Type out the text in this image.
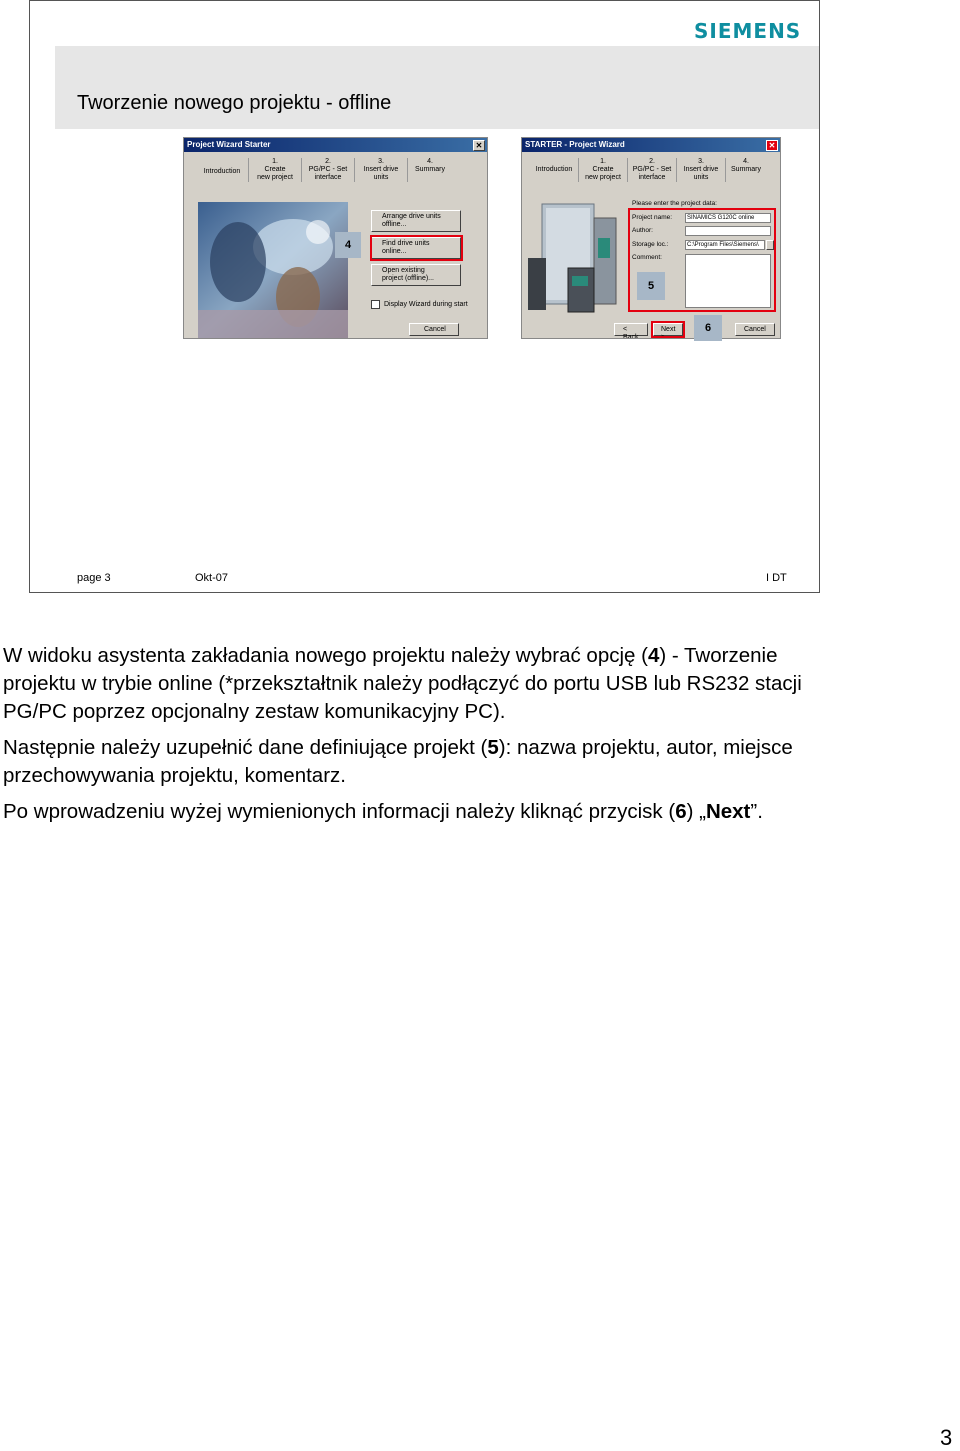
SIEMENS
Tworzenie nowego projektu - offline
Project Wizard Starter	✕
Introduction
1.
Create
new project
2.
PG/PC - Set
interface
3.
Insert drive
units
4.
Summary
Arrange drive units
offline...
Find drive units
online...
Open existing
project (offline)...
Display Wizard during start
Cancel
4
STARTER - Project Wizard	✕
Introduction
1.
Create
new project
2.
PG/PC - Set
interface
3.
Insert drive
units
4.
Summary
Please enter the project data:
Project name:	SINAMICS G120C online
Author:
Storage loc.:	C:\Program Files\Siemens\
Comment:
< Back
Next >
Cancel
5
6
page 3	Okt-07	I DT

W widoku asystenta zakładania nowego projektu należy wybrać opcję (4) - Tworzenie projektu w trybie online (*przekształtnik należy podłączyć do portu USB lub RS232 stacji PG/PC poprzez opcjonalny zestaw komunikacyjny PC).

Następnie należy uzupełnić dane definiujące projekt (5): nazwa projektu, autor, miejsce przechowywania projektu, komentarz.

Po wprowadzeniu wyżej wymienionych informacji należy kliknąć przycisk (6) „Next”.

3
